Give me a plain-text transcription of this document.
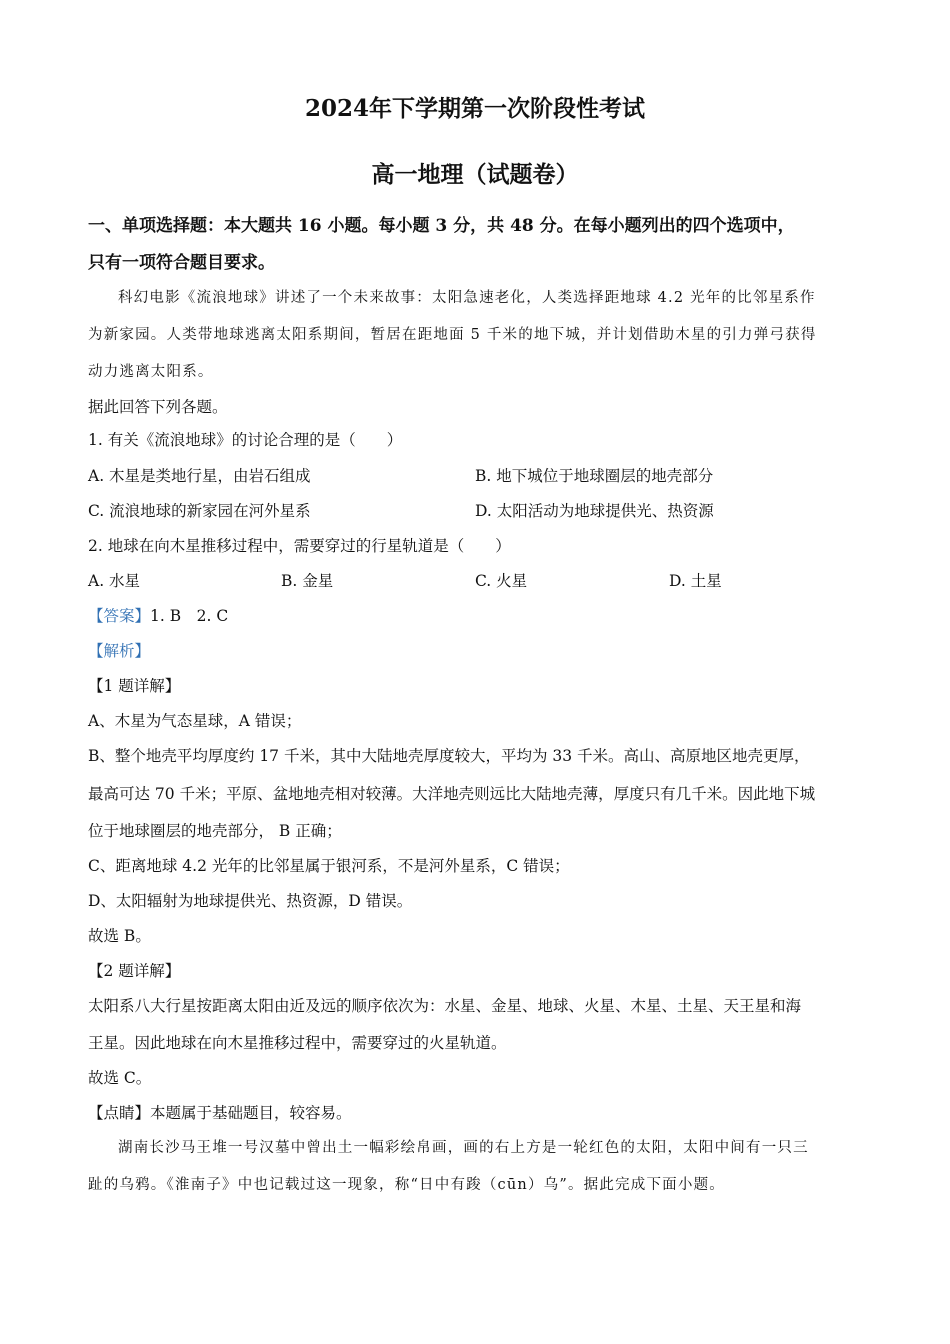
2024年下学期第一次阶段性考试
高一地理（试题卷）
一、单项选择题：本大题共 16 小题。每小题 3 分，共 48 分。在每小题列出的四个选项中，
只有一项符合题目要求。
科幻电影《流浪地球》讲述了一个未来故事：太阳急速老化，人类选择距地球 4.2 光年的比邻星系作
为新家园。人类带地球逃离太阳系期间，暂居在距地面 5 千米的地下城，并计划借助木星的引力弹弓获得
动力逃离太阳系。
据此回答下列各题。
1. 有关《流浪地球》的讨论合理的是（　　）
A. 木星是类地行星，由岩石组成	B. 地下城位于地球圈层的地壳部分
C. 流浪地球的新家园在河外星系	D. 太阳活动为地球提供光、热资源
2. 地球在向木星推移过程中，需要穿过的行星轨道是（　　）
A. 水星	B. 金星	C. 火星	D. 土星
【答案】1. B　2. C
【解析】
【1 题详解】
A、木星为气态星球，A 错误；
B、整个地壳平均厚度约 17 千米，其中大陆地壳厚度较大，平均为 33 千米。高山、高原地区地壳更厚，
最高可达 70 千米；平原、盆地地壳相对较薄。大洋地壳则远比大陆地壳薄，厚度只有几千米。因此地下城
位于地球圈层的地壳部分， B 正确；
C、距离地球 4.2 光年的比邻星属于银河系，不是河外星系，C 错误；
D、太阳辐射为地球提供光、热资源，D 错误。
故选 B。
【2 题详解】
太阳系八大行星按距离太阳由近及远的顺序依次为：水星、金星、地球、火星、木星、土星、天王星和海
王星。因此地球在向木星推移过程中，需要穿过的火星轨道。
故选 C。
【点睛】本题属于基础题目，较容易。
湖南长沙马王堆一号汉墓中曾出土一幅彩绘帛画，画的右上方是一轮红色的太阳，太阳中间有一只三
趾的乌鸦。《淮南子》中也记载过这一现象，称“日中有踆（cūn）乌”。据此完成下面小题。
